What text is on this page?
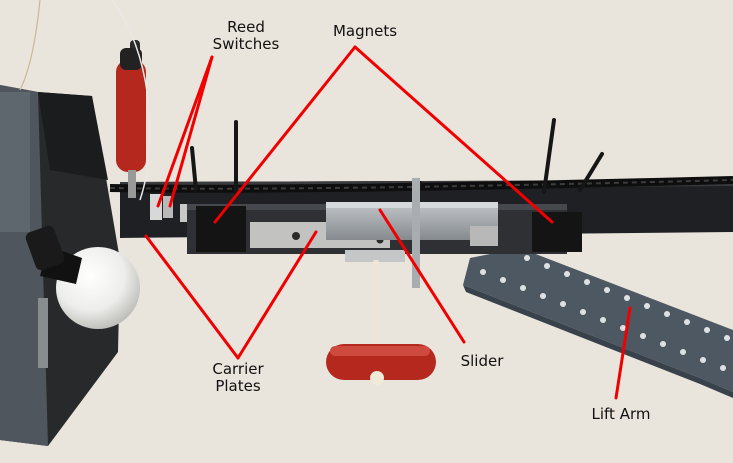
Reed
Switches
Magnets
Carrier
Plates
Slider
Lift Arm
